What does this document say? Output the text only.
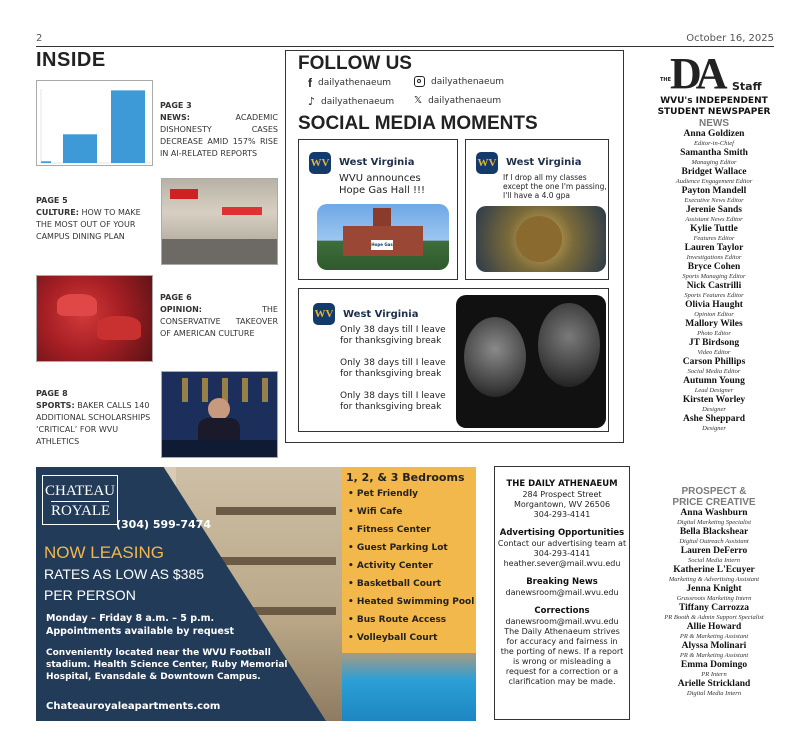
2	October 16, 2025
INSIDE
PAGE 3
NEWS:	ACADEMIC DISHONESTY CASES DECREASE AMID 157% RISE IN AI-RELATED REPORTS
PAGE 5
CULTURE: HOW TO MAKE THE MOST OUT OF YOUR CAMPUS DINING PLAN
PAGE 6
OPINION:	THE CONSERVATIVE TAKEOVER OF AMERICAN CULTURE
PAGE 8
SPORTS: BAKER CALLS 140 ADDITIONAL SCHOLARSHIPS ‘CRITICAL’ FOR WVU ATHLETICS
FOLLOW US
f dailyathenaeum	dailyathenaeum
♪ dailyathenaeum 𝕏 dailyathenaeum
SOCIAL MEDIA MOMENTS
WV West Virginia
WVU announces Hope Gas Hall !!!
Hope Gas
WV West Virginia
If I drop all my classes except the one I'm passing, I'll have a 4.0 gpa
WV West Virginia
Only 38 days till I leave for thanksgiving break
Only 38 days till I leave for thanksgiving break
Only 38 days till I leave for thanksgiving break
THE
DA Staff
WVU's INDEPENDENT
STUDENT NEWSPAPER
NEWS
Anna Goldizen
Editor-in-Chief
Samantha Smith
Managing Editor
Bridget Wallace
Audience Engagement Editor
Payton Mandell
Executive News Editor
Jerenie Sands
Assistant News Editor
Kylie Tuttle
Features Editor
Lauren Taylor
Investigations Editor
Bryce Cohen
Sports Managing Editor
Nick Castrilli
Sports Features Editor
Olivia Haught
Opinion Editor
Mallory Wiles
Photo Editor
JT Birdsong
Video Editor
Carson Phillips
Social Media Editor
Autumn Young
Lead Designer
Kirsten Worley
Designer
Ashe Sheppard
Designer
PROSPECT &
PRICE CREATIVE
Anna Washburn
Digital Marketing Specialist
Bella Blackshear
Digital Outreach Assistant
Lauren DeFerro
Social Media Intern
Katherine L'Ecuyer
Marketing & Advertising Assistant
Jenna Knight
Grassroots Marketing Intern
Tiffany Carrozza
PR Booth & Admin Support Specialist
Allie Howard
PR & Marketing Assistant
Alyssa Molinari
PR & Marketing Assistant
Emma Domingo
PR Intern
Arielle Strickland
Digital Media Intern
CHATEAU
ROYALE
(304) 599-7474
NOW LEASING
RATES AS LOW AS $385
PER PERSON
Monday – Friday 8 a.m. – 5 p.m.
Appointments available by request
Conveniently located near the WVU Football stadium. Health Science Center, Ruby Memorial Hospital, Evansdale & Downtown Campus.
Chateauroyaleapartments.com
1, 2, & 3 Bedrooms
• Pet Friendly
• Wifi Cafe
• Fitness Center
• Guest Parking Lot
• Activity Center
• Basketball Court
• Heated Swimming Pool
• Bus Route Access
• Volleyball Court
THE DAILY ATHENAEUM
284 Prospect Street
Morgantown, WV 26506
304-293-4141
Advertising Opportunities
Contact our advertising team at
304-293-4141
heather.sever@mail.wvu.edu
Breaking News
danewsroom@mail.wvu.edu
Corrections
danewsroom@mail.wvu.edu
The Daily Athenaeum strives for accuracy and fairness in the porting of news. If a report is wrong or misleading a request for a correction or a clarification may be made.
